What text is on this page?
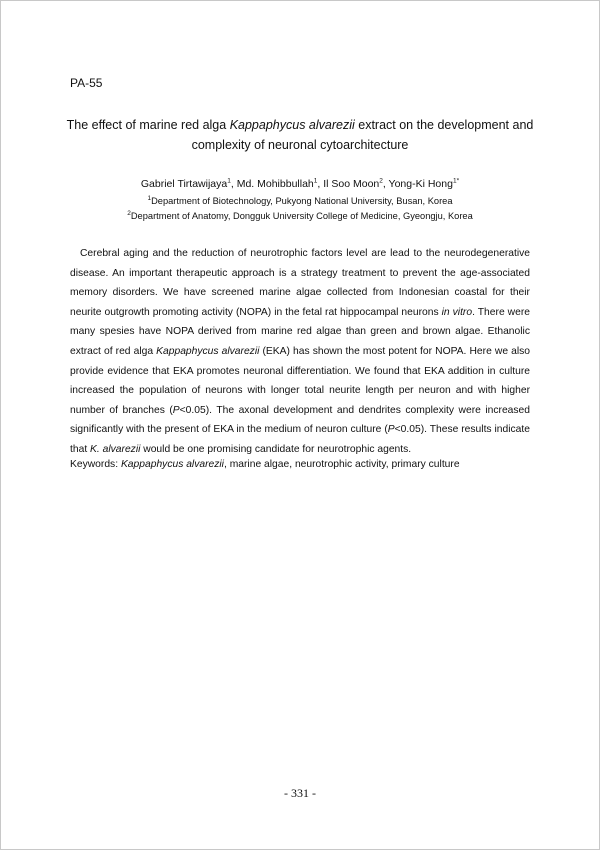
PA-55
The effect of marine red alga Kappaphycus alvarezii extract on the development and complexity of neuronal cytoarchitecture
Gabriel Tirtawijaya$^1$, Md. Mohibbullah$^1$, Il Soo Moon$^2$, Yong-Ki Hong$^{1*}$
$^1$Department of Biotechnology, Pukyong National University, Busan, Korea
$^2$Department of Anatomy, Dongguk University College of Medicine, Gyeongju, Korea

Cerebral aging and the reduction of neurotrophic factors level are lead to the neurodegenerative disease. An important therapeutic approach is a strategy treatment to prevent the age-associated memory disorders. We have screened marine algae collected from Indonesian coastal for their neurite outgrowth promoting activity (NOPA) in the fetal rat hippocampal neurons in vitro. There were many spesies have NOPA derived from marine red algae than green and brown algae. Ethanolic extract of red alga Kappaphycus alvarezii (EKA) has shown the most potent for NOPA. Here we also provide evidence that EKA promotes neuronal differentiation. We found that EKA addition in culture increased the population of neurons with longer total neurite length per neuron and with higher number of branches (P<0.05). The axonal development and dendrites complexity were increased significantly with the present of EKA in the medium of neuron culture (P<0.05). These results indicate that K. alvarezii would be one promising candidate for neurotrophic agents.

Keywords: Kappaphycus alvarezii, marine algae, neurotrophic activity, primary culture
- 331 -
